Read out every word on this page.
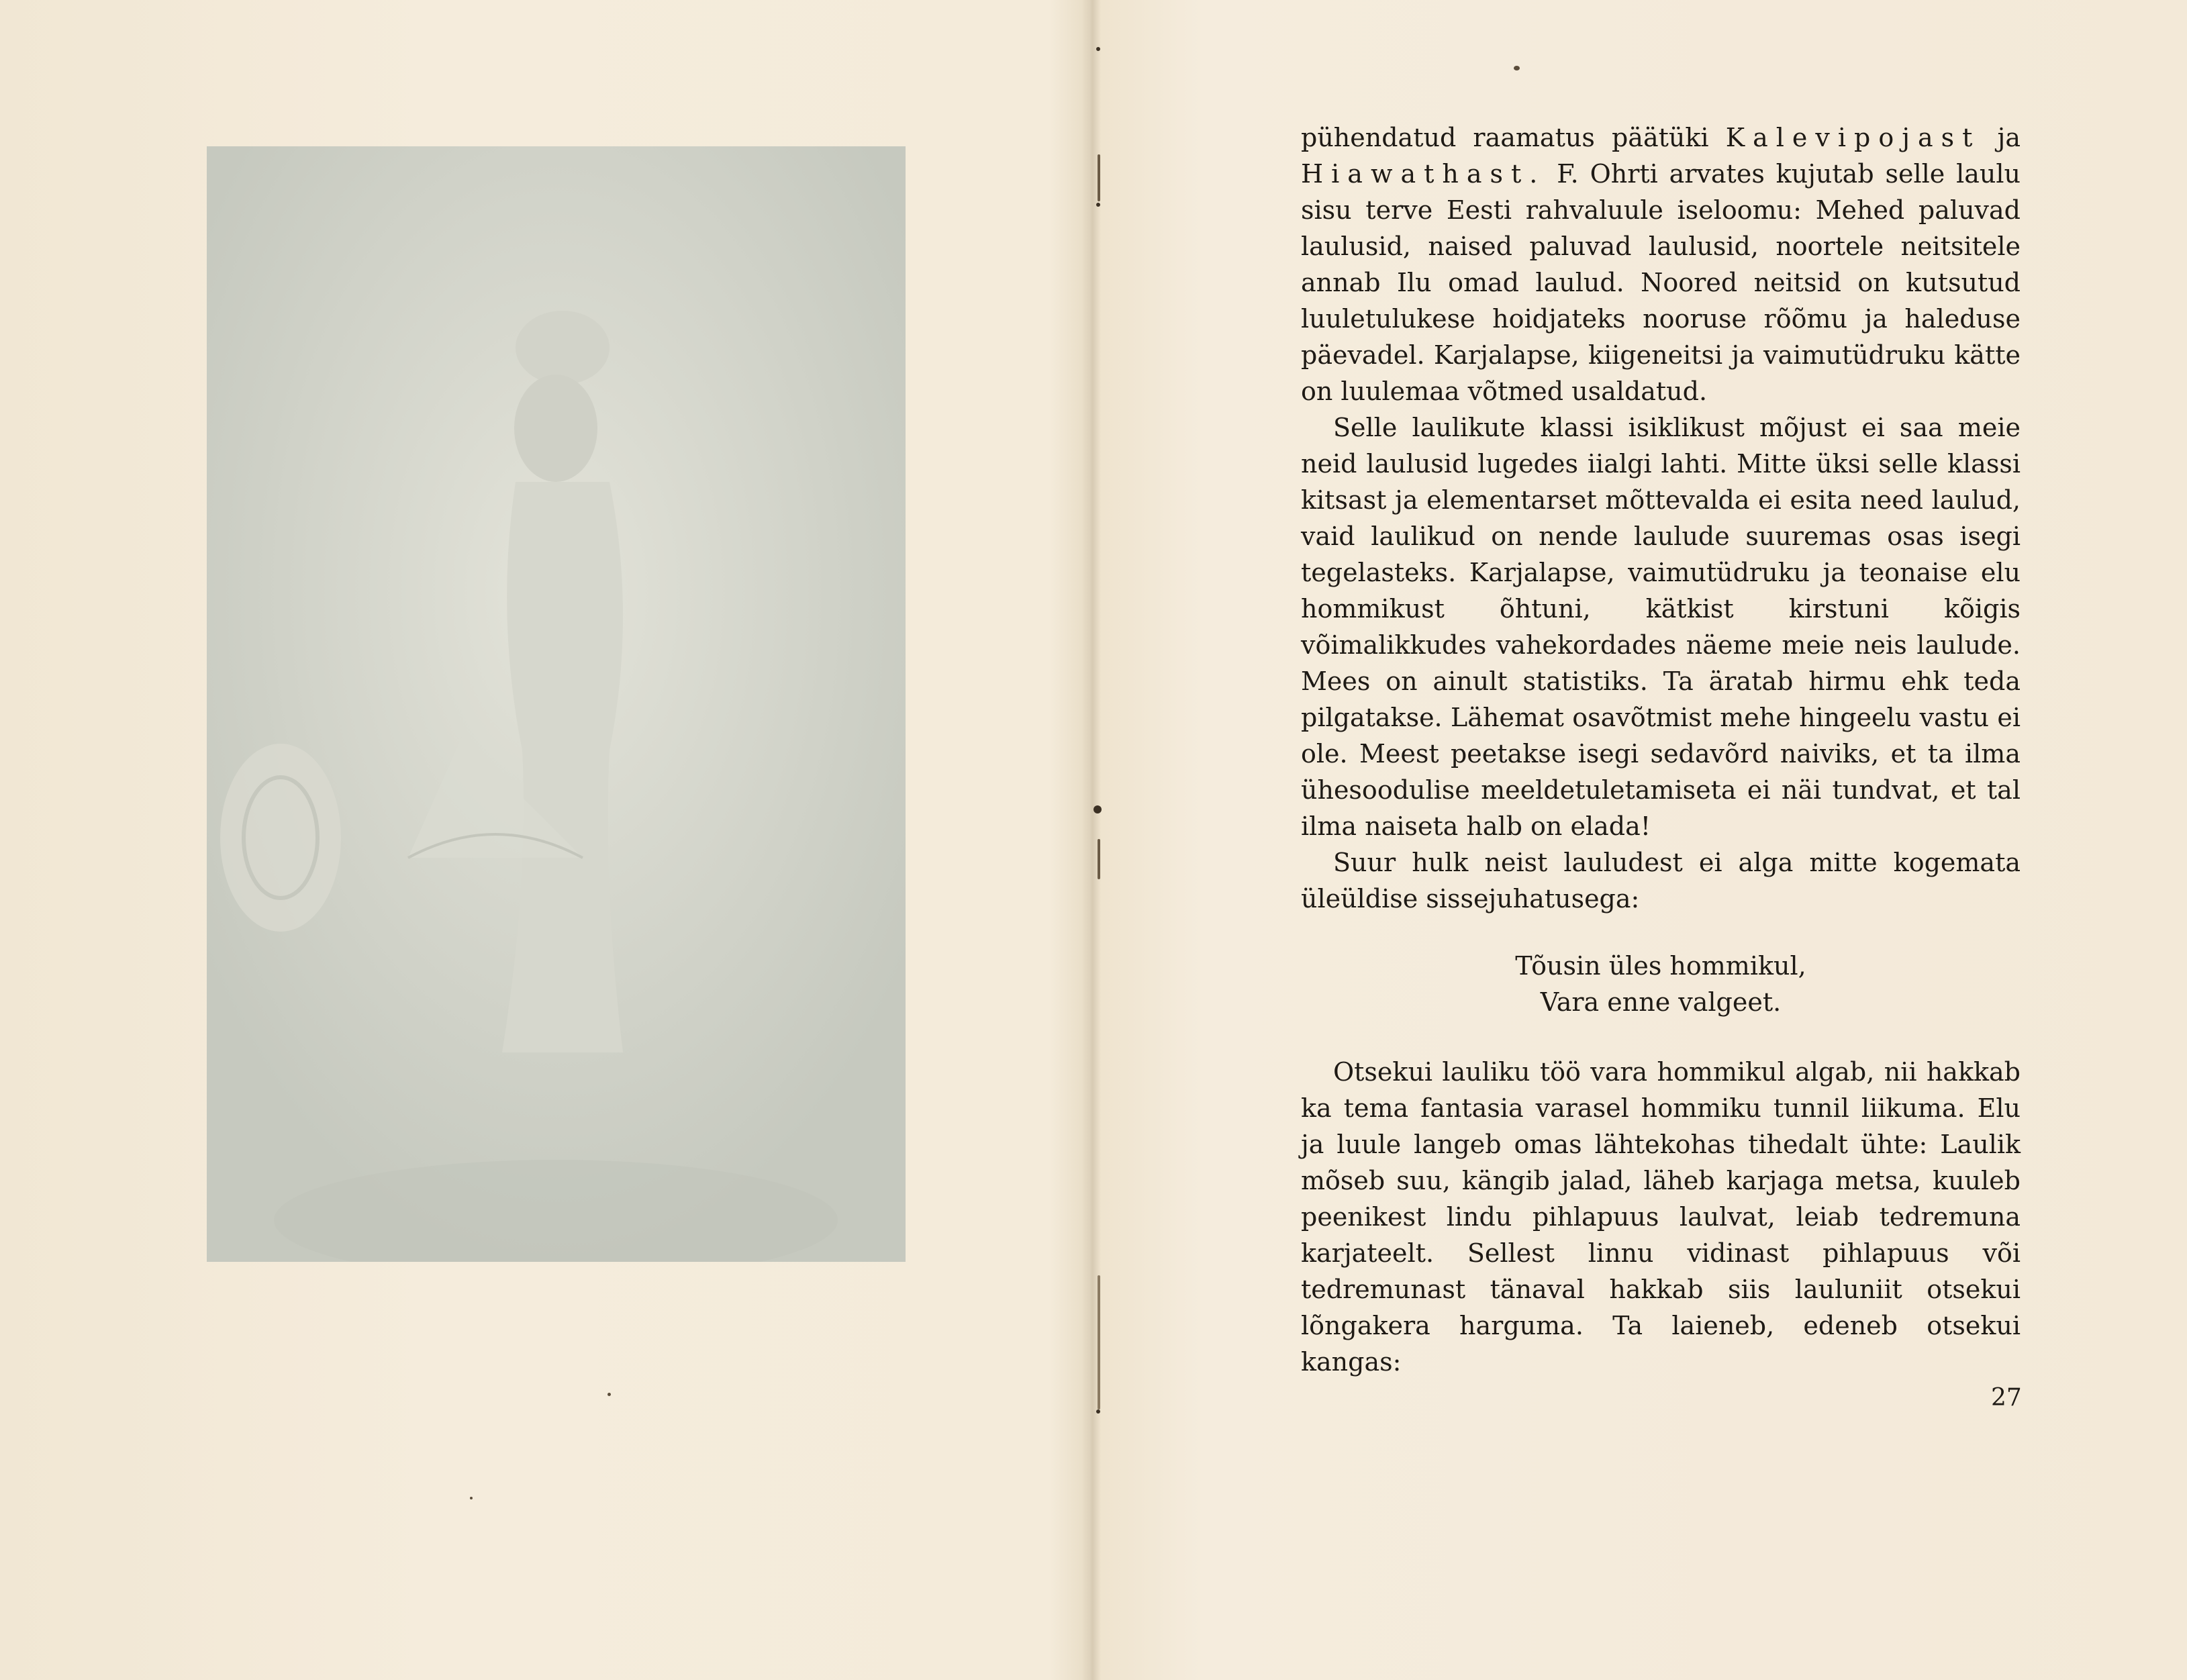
pühendatud raamatus päätüki Kalevipojast ja Hiawathast. F. Ohrti arvates kujutab selle laulu sisu terve Eesti rahvaluule iseloomu: Mehed paluvad laulusid, naised paluvad laulusid, noortele neitsitele annab Ilu omad laulud. Noored neitsid on kutsutud luuletulukese hoidjateks nooruse rõõmu ja haleduse päevadel. Karjalapse, kiigeneitsi ja vaimutüdruku kätte on luulemaa võtmed usaldatud.

Selle laulikute klassi isiklikust mõjust ei saa meie neid laulusid lugedes iialgi lahti. Mitte üksi selle klassi kitsast ja elementarset mõttevalda ei esita need laulud, vaid laulikud on nende laulude suuremas osas isegi tegelasteks. Karjalapse, vaimutüdruku ja teonaise elu hommikust õhtuni, kätkist kirstuni kõigis võimalikkudes vahekordades näeme meie neis laulude. Mees on ainult statistiks. Ta äratab hirmu ehk teda pilgatakse. Lähemat osavõtmist mehe hingeelu vastu ei ole. Meest peetakse isegi sedavõrd naiviks, et ta ilma ühesoodulise meeldetuletamiseta ei näi tundvat, et tal ilma naiseta halb on elada!

Suur hulk neist lauludest ei alga mitte kogemata üleüldise sissejuhatusega:

Tõusin üles hommikul,
Vara enne valgeet.

Otsekui lauliku töö vara hommikul algab, nii hakkab ka tema fantasia varasel hommiku tunnil liikuma. Elu ja luule langeb omas lähtekohas tihedalt ühte: Laulik mõseb suu, kängib jalad, läheb karjaga metsa, kuuleb peenikest lindu pihlapuus laulvat, leiab tedremuna karjateelt. Sellest linnu vidinast pihlapuus või tedremunast tänaval hakkab siis lauluniit otsekui lõngakera harguma. Ta laieneb, edeneb otsekui kangas:

27
